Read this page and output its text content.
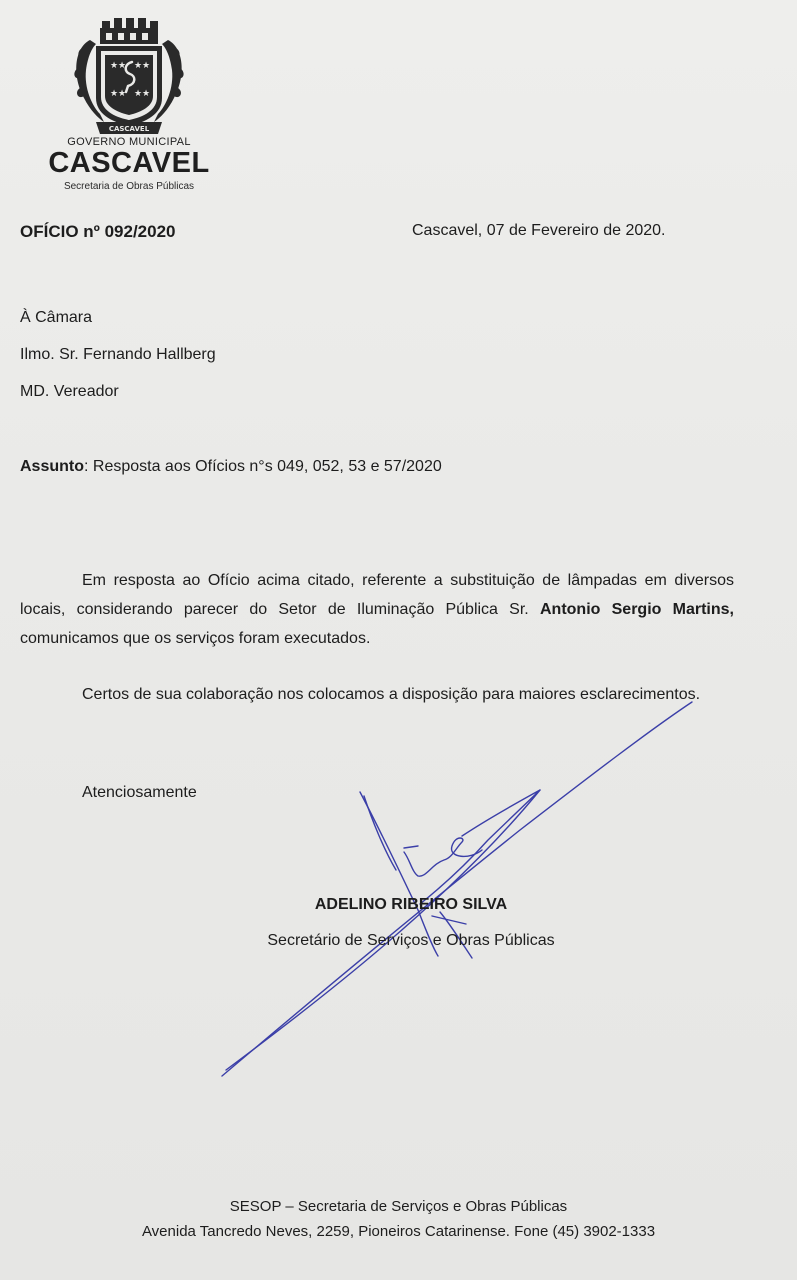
★ ★ ★ ★
★ ★ ★ ★
CASCAVEL
GOVERNO MUNICIPAL
CASCAVEL
Secretaria de Obras Públicas
OFÍCIO nº 092/2020	Cascavel, 07 de Fevereiro de 2020.
À Câmara
Ilmo. Sr. Fernando Hallberg
MD. Vereador
Assunto: Resposta aos Ofícios n°s 049, 052, 53 e 57/2020
Em resposta ao Ofício acima citado, referente a substituição de lâmpadas em diversos locais, considerando parecer do Setor de Iluminação Pública Sr. Antonio Sergio Martins, comunicamos que os serviços foram executados.
Certos de sua colaboração nos colocamos a disposição para maiores esclarecimentos.
Atenciosamente
ADELINO RIBEIRO SILVA
Secretário de Serviços e Obras Públicas
SESOP – Secretaria de Serviços e Obras Públicas
Avenida Tancredo Neves, 2259, Pioneiros Catarinense. Fone (45) 3902-1333
